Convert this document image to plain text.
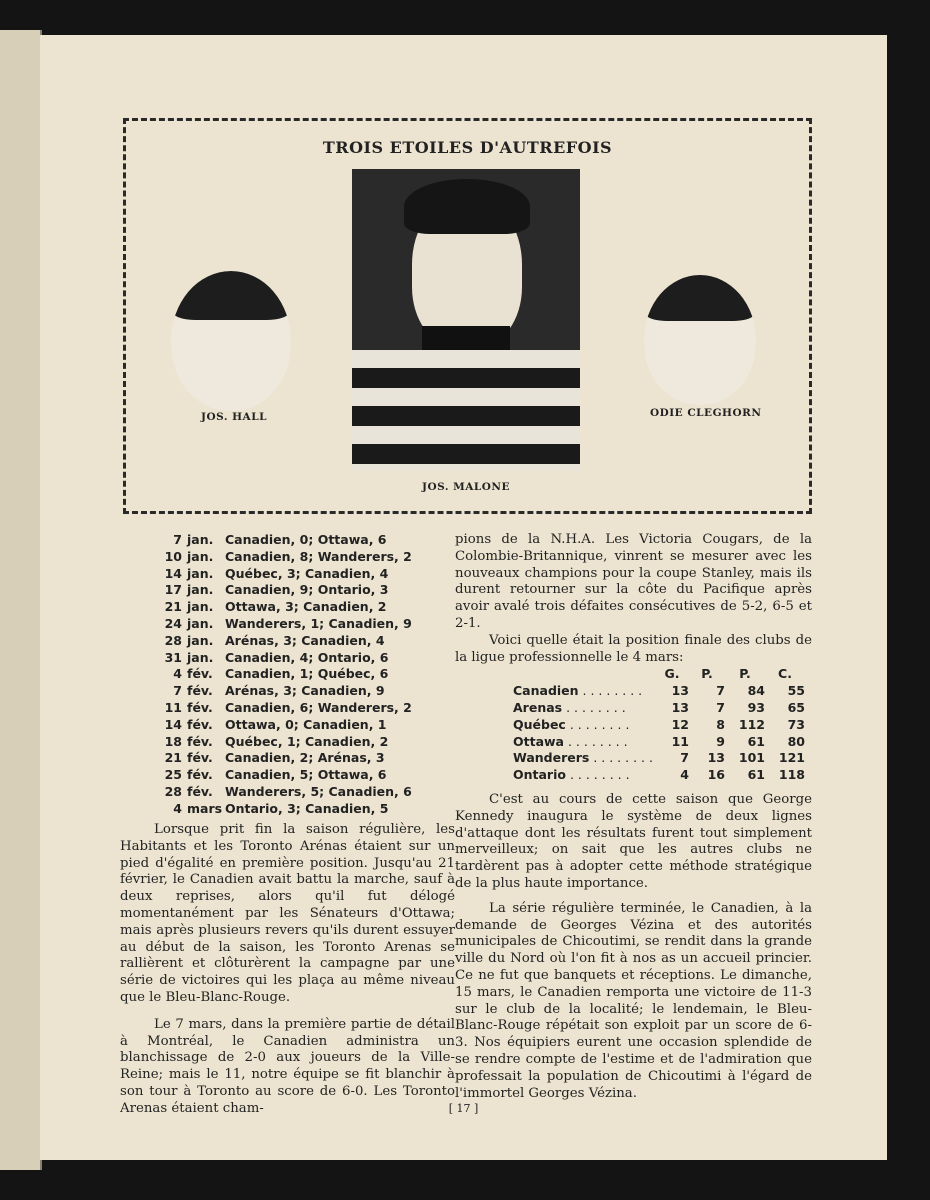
TROIS ETOILES D'AUTREFOIS
JOS. HALL
JOS. MALONE
ODIE CLEGHORN
7 jan. Canadien, 0; Ottawa, 6
10 jan. Canadien, 8; Wanderers, 2
14 jan. Québec, 3; Canadien, 4
17 jan. Canadien, 9; Ontario, 3
21 jan. Ottawa, 3; Canadien, 2
24 jan. Wanderers, 1; Canadien, 9
28 jan. Arénas, 3; Canadien, 4
31 jan. Canadien, 4; Ontario, 6
4 fév. Canadien, 1; Québec, 6
7 fév. Arénas, 3; Canadien, 9
11 fév. Canadien, 6; Wanderers, 2
14 fév. Ottawa, 0; Canadien, 1
18 fév. Québec, 1; Canadien, 2
21 fév. Canadien, 2; Arénas, 3
25 fév. Canadien, 5; Ottawa, 6
28 fév. Wanderers, 5; Canadien, 6
4 mars Ontario, 3; Canadien, 5

Lorsque prit fin la saison régulière, les Habitants et les Toronto Arénas étaient sur un pied d'égalité en première position. Jusqu'au 21 février, le Canadien avait battu la marche, sauf à deux reprises, alors qu'il fut délogé momentanément par les Sénateurs d'Ottawa; mais après plusieurs revers qu'ils durent essuyer au début de la saison, les Toronto Arenas se rallièrent et clôturèrent la campagne par une série de victoires qui les plaça au même niveau que le Bleu-Blanc-Rouge.

Le 7 mars, dans la première partie de détail à Montréal, le Canadien administra un blanchissage de 2-0 aux joueurs de la Ville-Reine; mais le 11, notre équipe se fit blanchir à son tour à Toronto au score de 6-0. Les Toronto Arenas étaient cham-

pions de la N.H.A. Les Victoria Cougars, de la Colombie-Britannique, vinrent se mesurer avec les nouveaux champions pour la coupe Stanley, mais ils durent retourner sur la côte du Pacifique après avoir avalé trois défaites consécutives de 5-2, 6-5 et 2-1.

Voici quelle était la position finale des clubs de la ligue professionnelle le 4 mars:

	G.	P.	P.	C.
Canadien . . . . . . . .	13	7	84	55
Arenas . . . . . . . .	13	7	93	65
Québec . . . . . . . .	12	8	112	73
Ottawa . . . . . . . .	11	9	61	80
Wanderers . . . . . . . .	7	13	101	121
Ontario . . . . . . . .	4	16	61	118

C'est au cours de cette saison que George Kennedy inaugura le système de deux lignes d'attaque dont les résultats furent tout simplement merveilleux; on sait que les autres clubs ne tardèrent pas à adopter cette méthode stratégique de la plus haute importance.

La série régulière terminée, le Canadien, à la demande de Georges Vézina et des autorités municipales de Chicoutimi, se rendit dans la grande ville du Nord où l'on fit à nos as un accueil princier. Ce ne fut que banquets et réceptions. Le dimanche, 15 mars, le Canadien remporta une victoire de 11-3 sur le club de la localité; le lendemain, le Bleu-Blanc-Rouge répétait son exploit par un score de 6-3. Nos équipiers eurent une occasion splendide de se rendre compte de l'estime et de l'admiration que professait la population de Chicoutimi à l'égard de l'immortel Georges Vézina.

[ 17 ]
